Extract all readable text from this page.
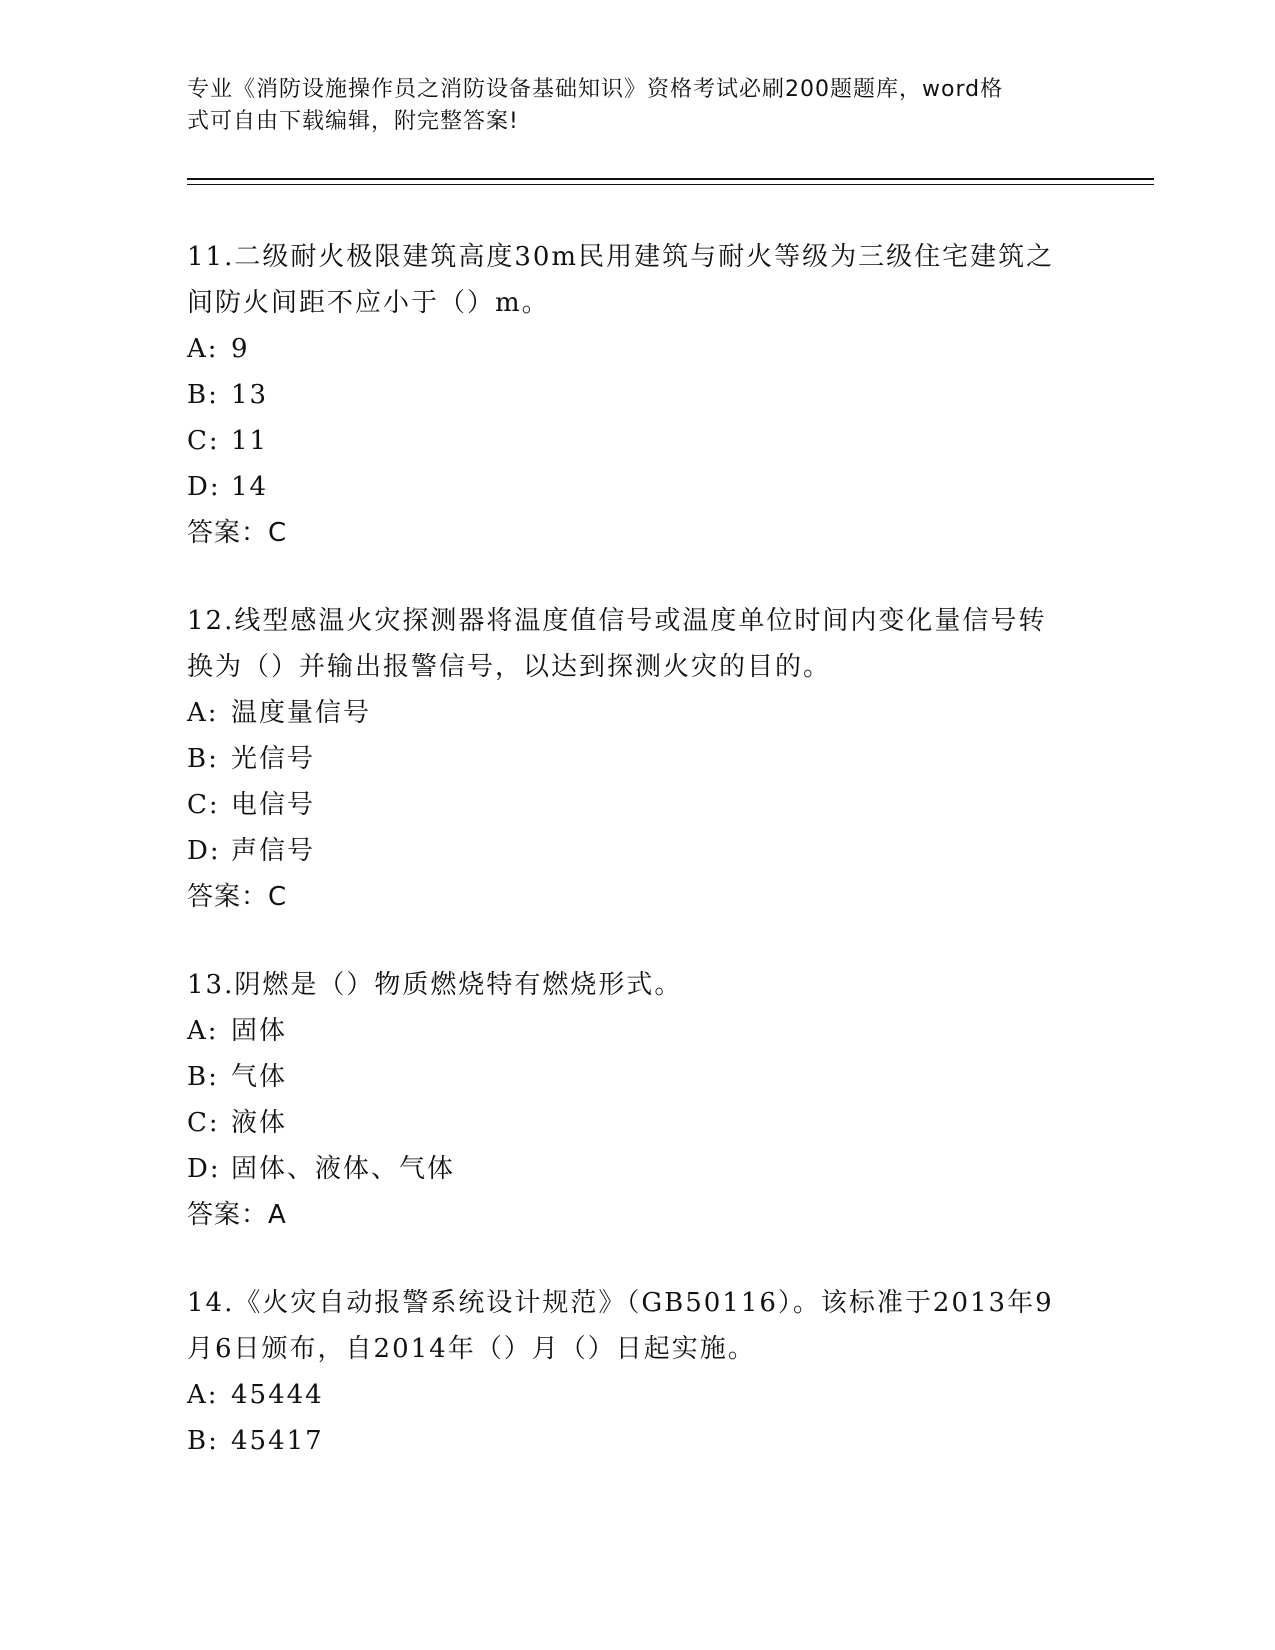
专业《消防设施操作员之消防设备基础知识》资格考试必刷200题题库，word格
式可自由下载编辑，附完整答案!
11.二级耐火极限建筑高度30m民用建筑与耐火等级为三级住宅建筑之
间防火间距不应小于（）m。
A: 9
B: 13
C: 11
D: 14
答案：C
12.线型感温火灾探测器将温度值信号或温度单位时间内变化量信号转
换为（）并输出报警信号，以达到探测火灾的目的。
A: 温度量信号
B: 光信号
C: 电信号
D: 声信号
答案：C
13.阴燃是（）物质燃烧特有燃烧形式。
A: 固体
B: 气体
C: 液体
D: 固体、液体、气体
答案：A
14.《火灾自动报警系统设计规范》（GB50116）。该标准于2013年9
月6日颁布，自2014年（）月（）日起实施。
A: 45444
B: 45417
